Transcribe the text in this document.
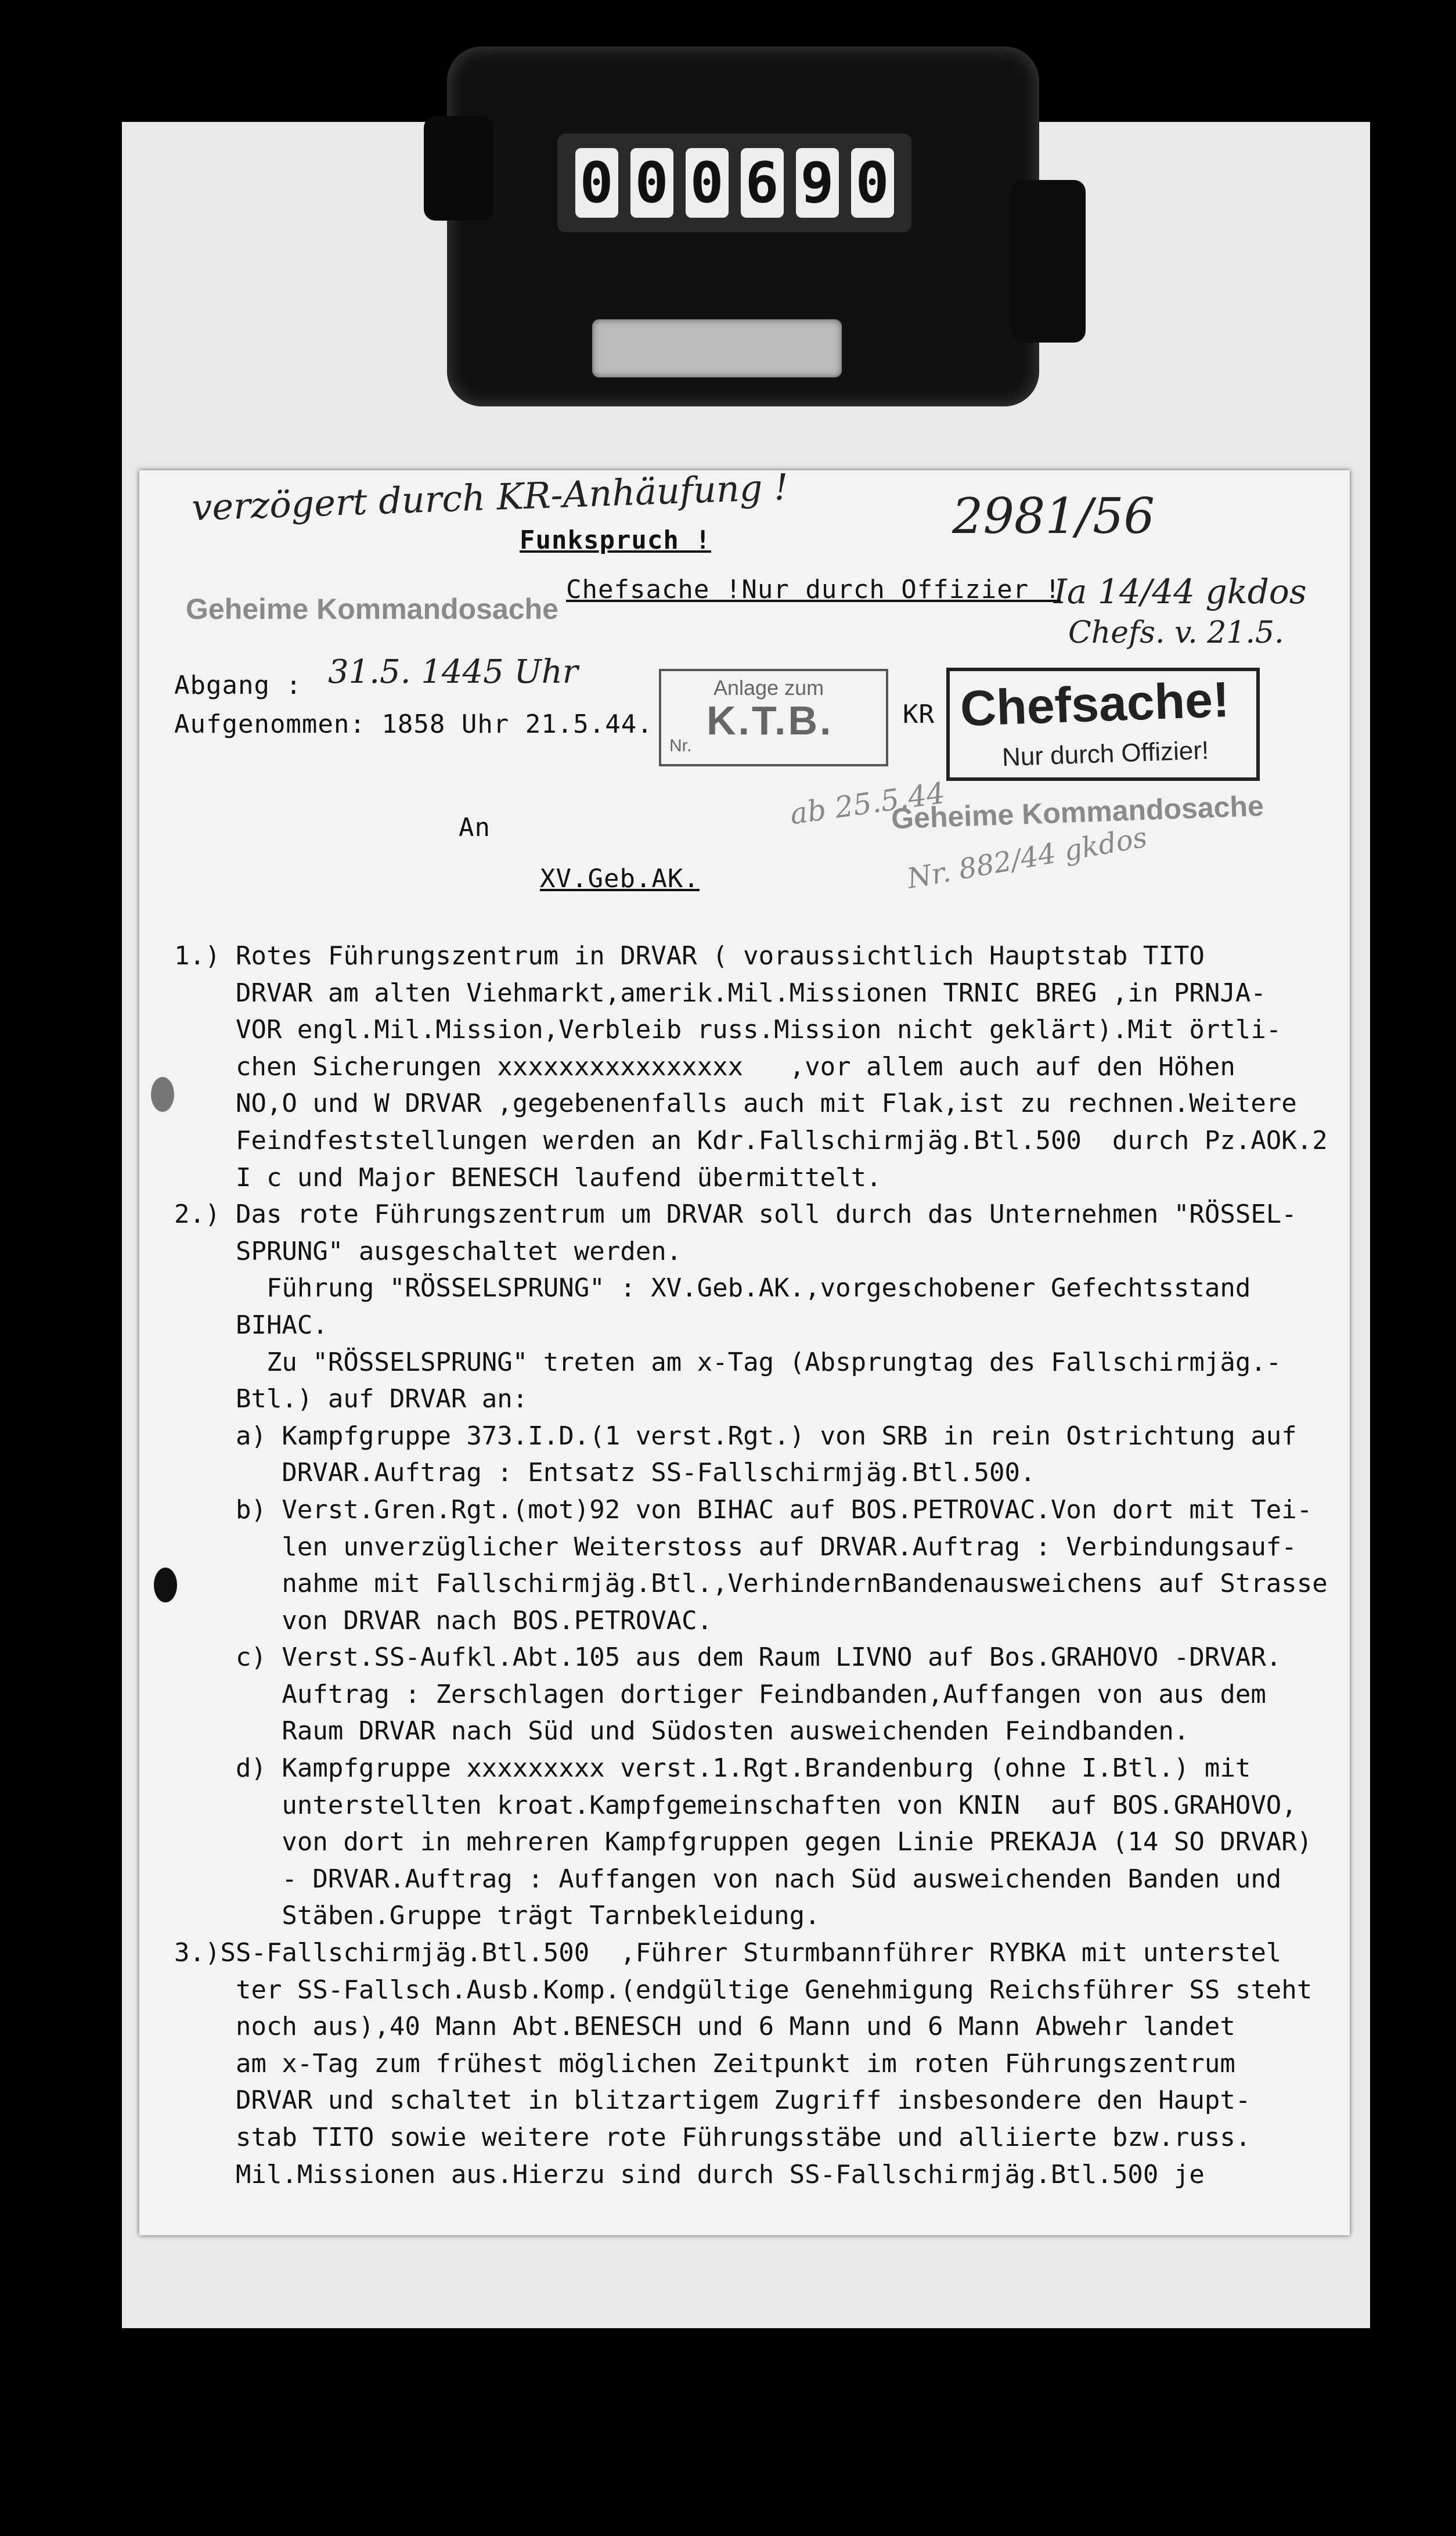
0 0 0 6 9 0
verzögert durch KR-Anhäufung !	2981/56
Ia 14/44 gkdos
Chefs. v. 21.5.
31.5. 1445 Uhr
ab 25.5.44
Nr. 882/44 gkdos
Funkspruch !
Geheime Kommandosache
Chefsache !Nur durch Offizier !
Abgang :
Aufgenommen: 1858 Uhr 21.5.44.	KR
An
XV.Geb.AK.
Anlage zum
K.T.B.
Nr.
Chefsache!
Nur durch Offizier!
Geheime Kommandosache
1.) Rotes Führungszentrum in DRVAR ( voraussichtlich Hauptstab TITO
DRVAR am alten Viehmarkt,amerik.Mil.Missionen TRNIC BREG ,in PRNJA-
VOR engl.Mil.Mission,Verbleib russ.Mission nicht geklärt).Mit örtli-
chen Sicherungen xxxxxxxxxxxxxxxx   ,vor allem auch auf den Höhen
NO,O und W DRVAR ,gegebenenfalls auch mit Flak,ist zu rechnen.Weitere
Feindfeststellungen werden an Kdr.Fallschirmjäg.Btl.500  durch Pz.AOK.2
I c und Major BENESCH laufend übermittelt.
2.) Das rote Führungszentrum um DRVAR soll durch das Unternehmen "RÖSSEL-
SPRUNG" ausgeschaltet werden.
Führung "RÖSSELSPRUNG" : XV.Geb.AK.,vorgeschobener Gefechtsstand
BIHAC.
Zu "RÖSSELSPRUNG" treten am x-Tag (Absprungtag des Fallschirmjäg.-
Btl.) auf DRVAR an:
a) Kampfgruppe 373.I.D.(1 verst.Rgt.) von SRB in rein Ostrichtung auf
DRVAR.Auftrag : Entsatz SS-Fallschirmjäg.Btl.500.
b) Verst.Gren.Rgt.(mot)92 von BIHAC auf BOS.PETROVAC.Von dort mit Tei-
len unverzüglicher Weiterstoss auf DRVAR.Auftrag : Verbindungsauf-
nahme mit Fallschirmjäg.Btl.,VerhindernBandenausweichens auf Strasse
von DRVAR nach BOS.PETROVAC.
c) Verst.SS-Aufkl.Abt.105 aus dem Raum LIVNO auf Bos.GRAHOVO -DRVAR.
Auftrag : Zerschlagen dortiger Feindbanden,Auffangen von aus dem
Raum DRVAR nach Süd und Südosten ausweichenden Feindbanden.
d) Kampfgruppe xxxxxxxxx verst.1.Rgt.Brandenburg (ohne I.Btl.) mit
unterstellten kroat.Kampfgemeinschaften von KNIN  auf BOS.GRAHOVO,
von dort in mehreren Kampfgruppen gegen Linie PREKAJA (14 SO DRVAR)
- DRVAR.Auftrag : Auffangen von nach Süd ausweichenden Banden und
Stäben.Gruppe trägt Tarnbekleidung.
3.)SS-Fallschirmjäg.Btl.500  ,Führer Sturmbannführer RYBKA mit unterstel
ter SS-Fallsch.Ausb.Komp.(endgültige Genehmigung Reichsführer SS steht
noch aus),40 Mann Abt.BENESCH und 6 Mann und 6 Mann Abwehr landet
am x-Tag zum frühest möglichen Zeitpunkt im roten Führungszentrum
DRVAR und schaltet in blitzartigem Zugriff insbesondere den Haupt-
stab TITO sowie weitere rote Führungsstäbe und alliierte bzw.russ.
Mil.Missionen aus.Hierzu sind durch SS-Fallschirmjäg.Btl.500 je
